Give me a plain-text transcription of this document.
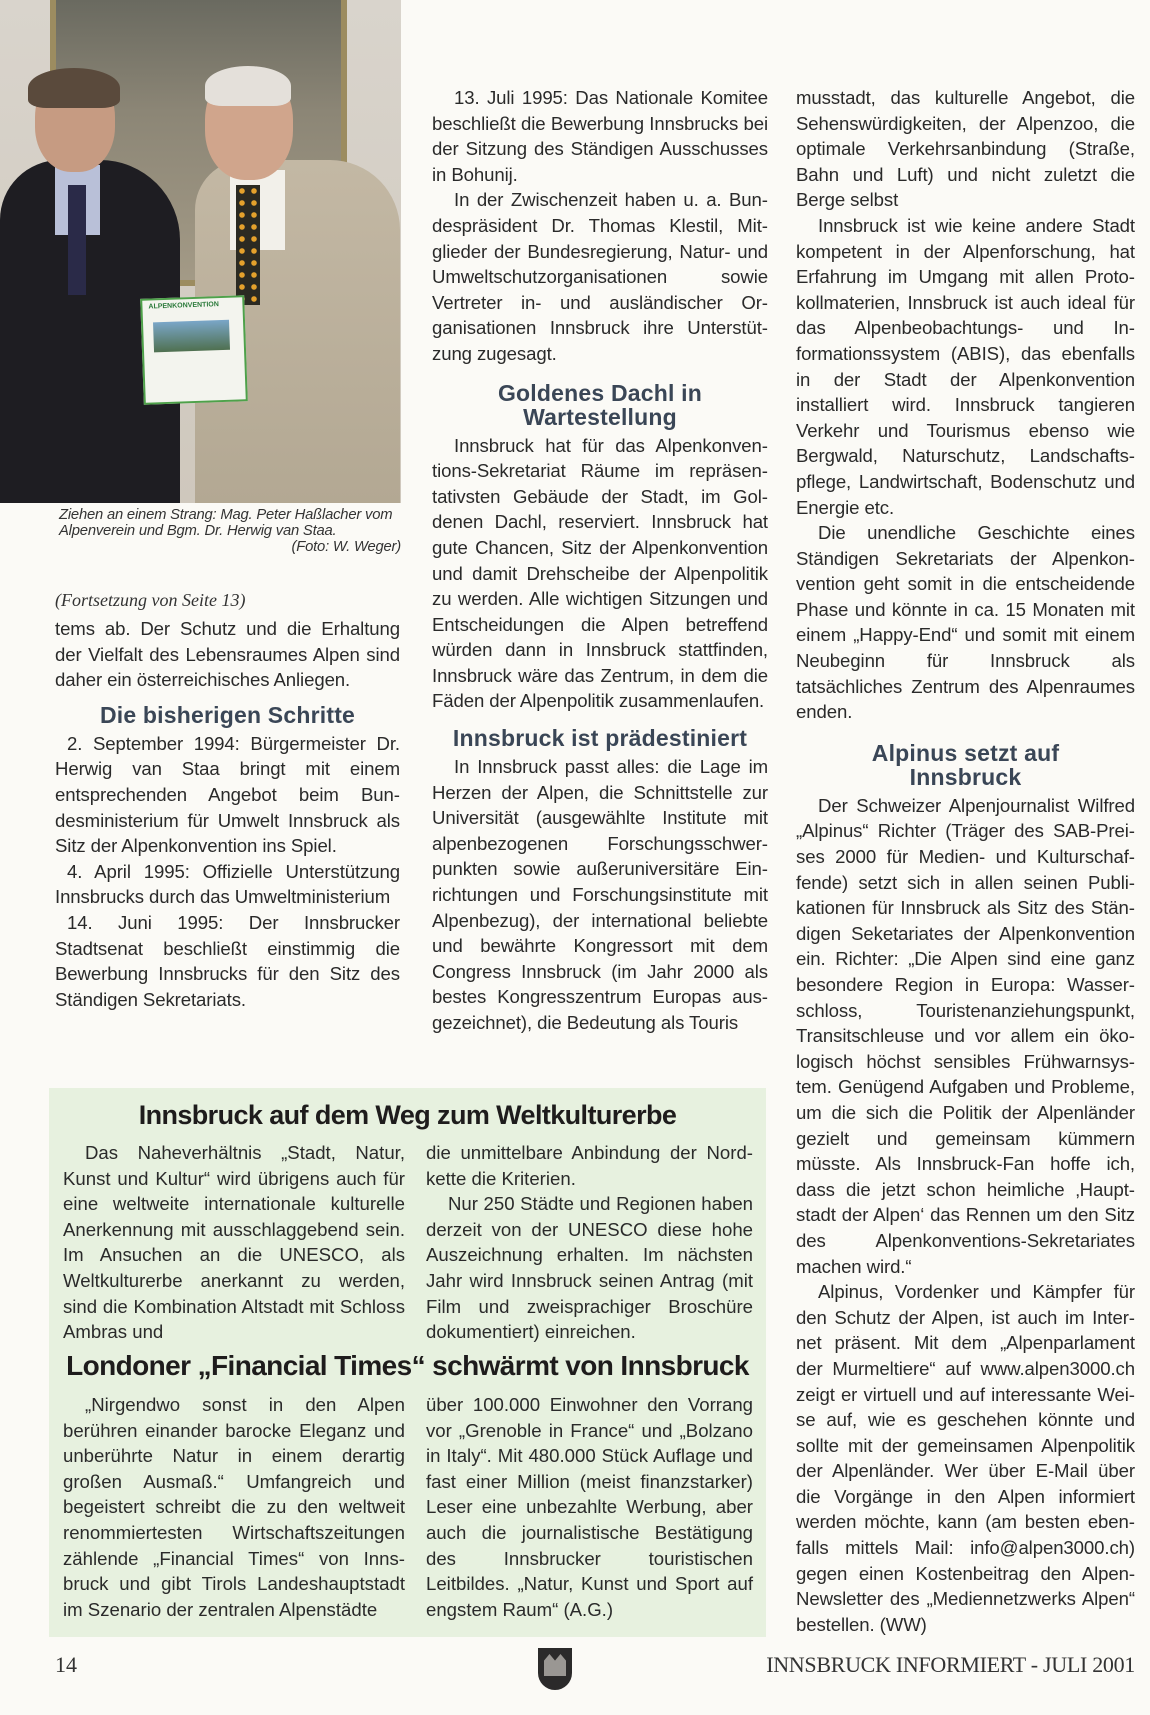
ALPENKONVENTION
Ziehen an einem Strang: Mag. Peter Haßlacher vom Alpenverein und Bgm. Dr. Herwig van Staa.
(Foto: W. Weger)
(Fortsetzung von Seite 13)

tems ab. Der Schutz und die Erhaltung der Vielfalt des Lebensraumes Alpen sind daher ein österreichisches Anliegen.

Die bisherigen Schritte

2. September 1994: Bürgermeister Dr. Herwig van Staa bringt mit einem entsprechenden Angebot beim Bundesministerium für Umwelt Innsbruck als Sitz der Alpenkonvention ins Spiel.

4. April 1995: Offizielle Unterstützung Innsbrucks durch das Umweltministerium

14. Juni 1995: Der Innsbrucker Stadtsenat beschließt einstimmig die Bewerbung Innsbrucks für den Sitz des Ständigen Sekretariats.

13. Juli 1995: Das Nationale Komitee beschließt die Bewerbung Innsbrucks bei der Sitzung des Ständigen Ausschusses in Bohunij.

In der Zwischenzeit haben u. a. Bundespräsident Dr. Thomas Klestil, Mitglieder der Bundesregierung, Natur- und Umweltschutzorganisationen sowie Vertreter in- und ausländischer Organisationen Innsbruck ihre Unterstützung zugesagt.

Goldenes Dachl in Wartestellung

Innsbruck hat für das Alpenkonventions-Sekretariat Räume im repräsentativsten Gebäude der Stadt, im Goldenen Dachl, reserviert. Innsbruck hat gute Chancen, Sitz der Alpenkonvention und damit Drehscheibe der Alpenpolitik zu werden. Alle wichtigen Sitzungen und Entscheidungen die Alpen betreffend würden dann in Innsbruck stattfinden, Innsbruck wäre das Zentrum, in dem die Fäden der Alpenpolitik zusammenlaufen.

Innsbruck ist prädestiniert

In Innsbruck passt alles: die Lage im Herzen der Alpen, die Schnittstelle zur Universität (ausgewählte Institute mit alpenbezogenen Forschungsschwerpunkten sowie außeruniversitäre Einrichtungen und Forschungsinstitute mit Alpenbezug), der international beliebte und bewährte Kongressort mit dem Congress Innsbruck (im Jahr 2000 als bestes Kongresszentrum Europas ausgezeichnet), die Bedeutung als Touris

musstadt, das kulturelle Angebot, die Sehenswürdigkeiten, der Alpenzoo, die optimale Verkehrsanbindung (Straße, Bahn und Luft) und nicht zuletzt die Berge selbst

Innsbruck ist wie keine andere Stadt kompetent in der Alpenforschung, hat Erfahrung im Umgang mit allen Protokollmaterien, Innsbruck ist auch ideal für das Alpenbeobachtungs- und Informationssystem (ABIS), das ebenfalls in der Stadt der Alpenkonvention installiert wird. Innsbruck tangieren Verkehr und Tourismus ebenso wie Bergwald, Naturschutz, Landschaftspflege, Landwirtschaft, Bodenschutz und Energie etc.

Die unendliche Geschichte eines Ständigen Sekretariats der Alpenkonvention geht somit in die entscheidende Phase und könnte in ca. 15 Monaten mit einem „Happy-End“ und somit mit einem Neubeginn für Innsbruck als tatsächliches Zentrum des Alpenraumes enden.

Alpinus setzt auf Innsbruck

Der Schweizer Alpenjournalist Wilfred „Alpinus“ Richter (Träger des SAB-Preises 2000 für Medien- und Kulturschaffende) setzt sich in allen seinen Publikationen für Innsbruck als Sitz des Ständigen Seketariates der Alpenkonvention ein. Richter: „Die Alpen sind eine ganz besondere Region in Europa: Wasserschloss, Touristenanziehungspunkt, Transitschleuse und vor allem ein ökologisch höchst sensibles Frühwarnsystem. Genügend Aufgaben und Probleme, um die sich die Politik der Alpenländer gezielt und gemeinsam kümmern müsste. Als Innsbruck-Fan hoffe ich, dass die jetzt schon heimliche ‚Hauptstadt der Alpen‘ das Rennen um den Sitz des Alpenkonventions-Sekretariates machen wird.“

Alpinus, Vordenker und Kämpfer für den Schutz der Alpen, ist auch im Internet präsent. Mit dem „Alpenparlament der Murmeltiere“ auf www.alpen3000.ch zeigt er virtuell und auf interessante Weise auf, wie es geschehen könnte und sollte mit der gemeinsamen Alpenpolitik der Alpenländer. Wer über E-Mail über die Vorgänge in den Alpen informiert werden möchte, kann (am besten ebenfalls mittels Mail: info@alpen3000.ch) gegen einen Kostenbeitrag den Alpen-Newsletter des „Mediennetzwerks Alpen“ bestellen. (WW)

Innsbruck auf dem Weg zum Weltkulturerbe

Das Naheverhältnis „Stadt, Natur, Kunst und Kultur“ wird übrigens auch für eine weltweite internationale kulturelle Anerkennung mit ausschlaggebend sein. Im Ansuchen an die UNESCO, als Weltkulturerbe anerkannt zu werden, sind die Kombination Altstadt mit Schloss Ambras und

die unmittelbare Anbindung der Nordkette die Kriterien.

Nur 250 Städte und Regionen haben derzeit von der UNESCO diese hohe Auszeichnung erhalten. Im nächsten Jahr wird Innsbruck seinen Antrag (mit Film und zweisprachiger Broschüre dokumentiert) einreichen.

Londoner „Financial Times“ schwärmt von Innsbruck

„Nirgendwo sonst in den Alpen berühren einander barocke Eleganz und unberührte Natur in einem derartig großen Ausmaß.“ Umfangreich und begeistert schreibt die zu den weltweit renommiertesten Wirtschaftszeitungen zählende „Financial Times“ von Innsbruck und gibt Tirols Landeshauptstadt im Szenario der zentralen Alpenstädte

über 100.000 Einwohner den Vorrang vor „Grenoble in France“ und „Bolzano in Italy“. Mit 480.000 Stück Auflage und fast einer Million (meist finanzstarker) Leser eine unbezahlte Werbung, aber auch die journalistische Bestätigung des Innsbrucker touristischen Leitbildes. „Natur, Kunst und Sport auf engstem Raum“ (A.G.)

14	INNSBRUCK INFORMIERT - JULI 2001
